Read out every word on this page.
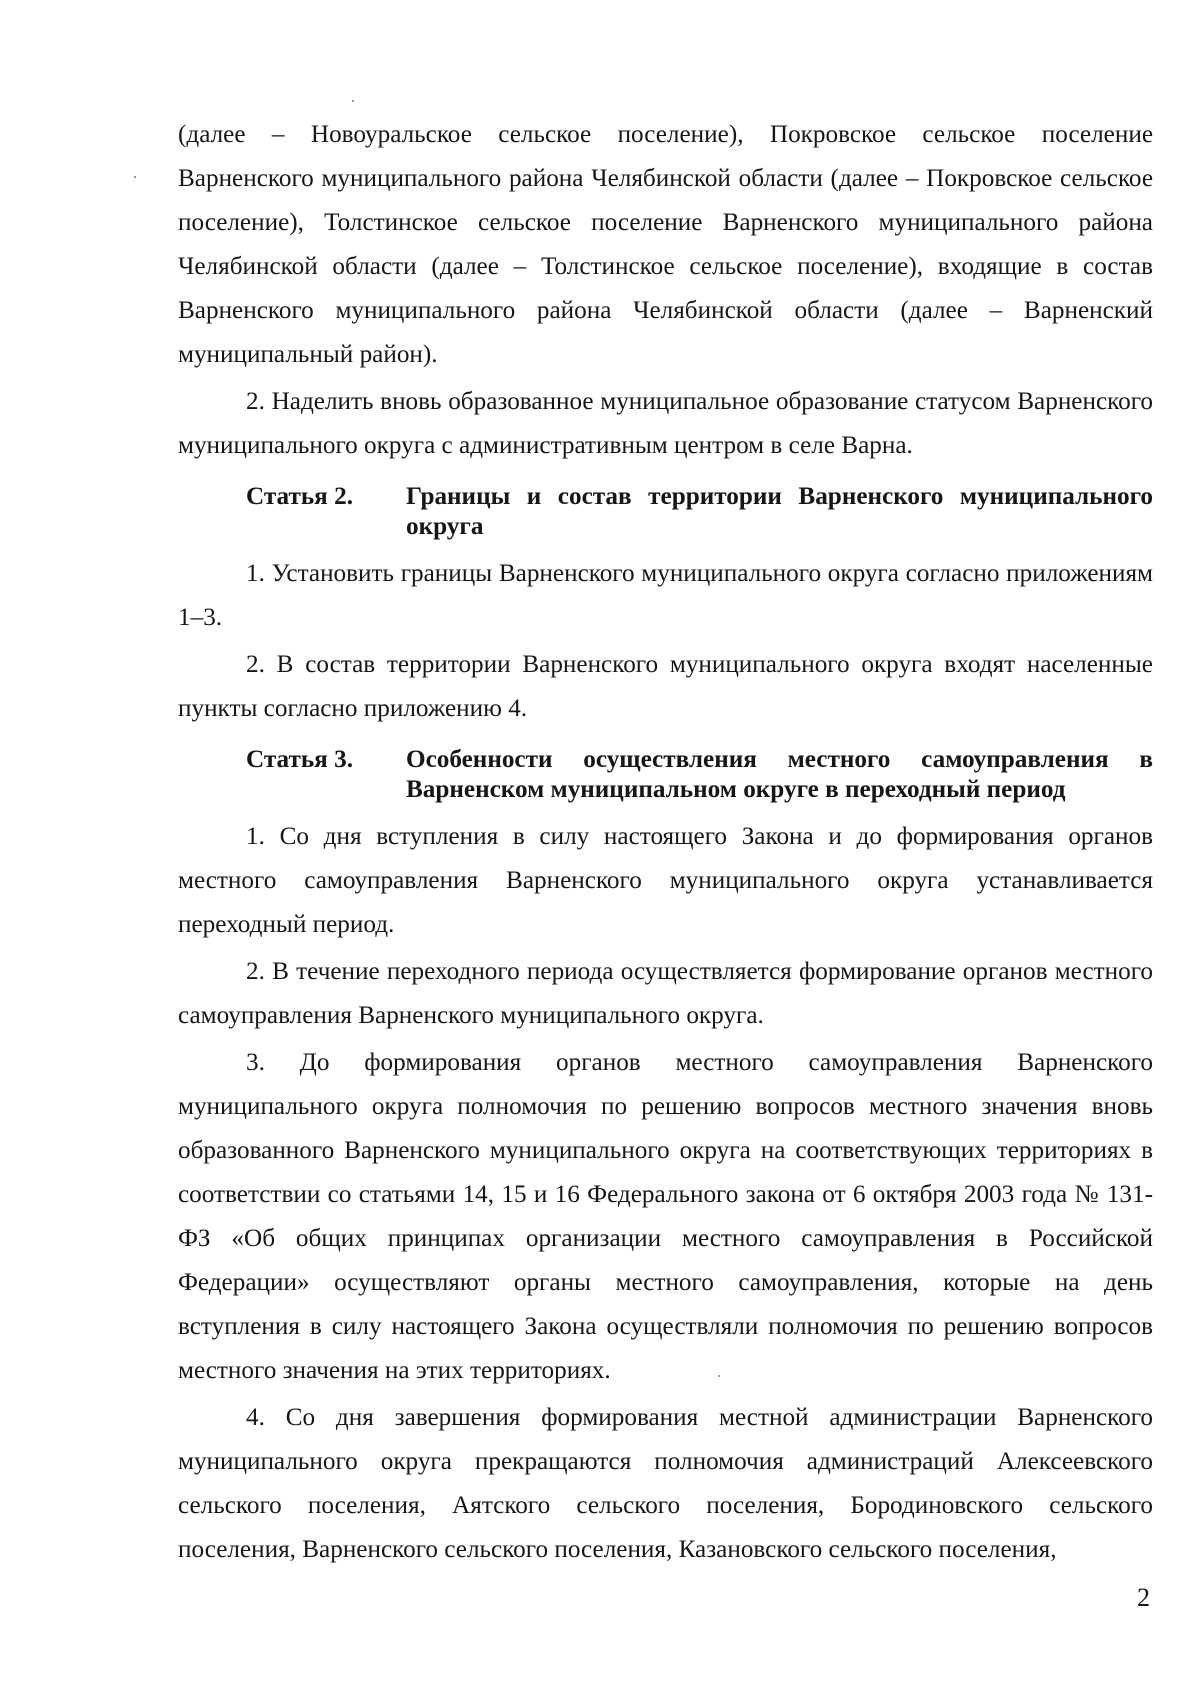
(далее – Новоуральское сельское поселение), Покровское сельское поселение Варненского муниципального района Челябинской области (далее – Покровское сельское поселение), Толстинское сельское поселение Варненского муниципального района Челябинской области (далее – Толстинское сельское поселение), входящие в состав Варненского муниципального района Челябинской области (далее – Варненский муниципальный район).

2. Наделить вновь образованное муниципальное образование статусом Варненского муниципального округа с административным центром в селе Варна.

Статья 2.	Границы и состав территории Варненского муниципального округа

1. Установить границы Варненского муниципального округа согласно приложениям 1–3.

2. В состав территории Варненского муниципального округа входят населенные пункты согласно приложению 4.

Статья 3.	Особенности осуществления местного самоуправления в Варненском муниципальном округе в переходный период

1. Со дня вступления в силу настоящего Закона и до формирования органов местного самоуправления Варненского муниципального округа устанавливается переходный период.

2. В течение переходного периода осуществляется формирование органов местного самоуправления Варненского муниципального округа.

3. До формирования органов местного самоуправления Варненского муниципального округа полномочия по решению вопросов местного значения вновь образованного Варненского муниципального округа на соответствующих территориях в соответствии со статьями 14, 15 и 16 Федерального закона от 6 октября 2003 года № 131-ФЗ «Об общих принципах организации местного самоуправления в Российской Федерации» осуществляют органы местного самоуправления, которые на день вступления в силу настоящего Закона осуществляли полномочия по решению вопросов местного значения на этих территориях.

4. Со дня завершения формирования местной администрации Варненского муниципального округа прекращаются полномочия администраций Алексеевского сельского поселения, Аятского сельского поселения, Бородиновского сельского поселения, Варненского сельского поселения, Казановского сельского поселения,

2
